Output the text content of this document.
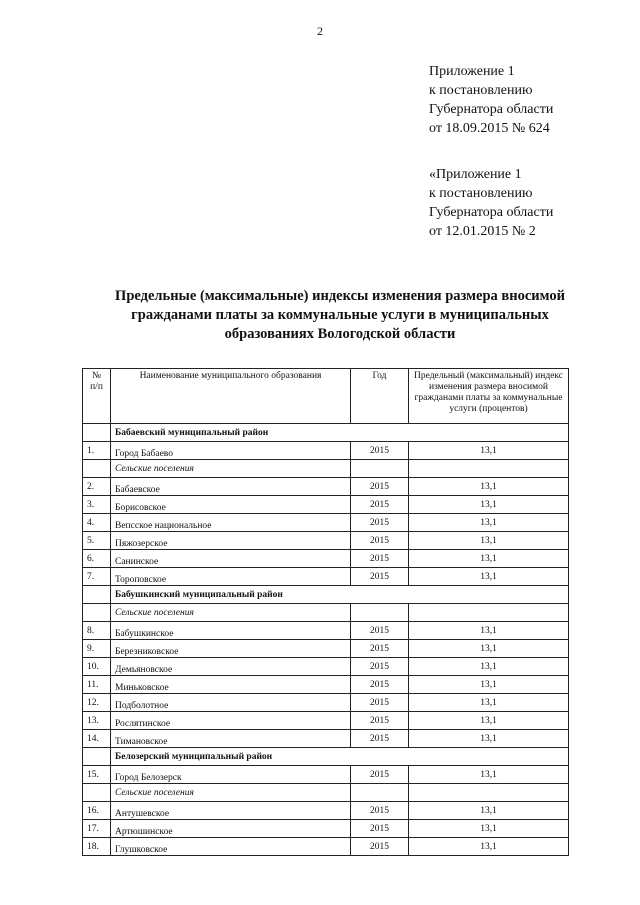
2
Приложение 1
к постановлению
Губернатора области
от 18.09.2015 № 624
«Приложение 1
к постановлению
Губернатора области
от 12.01.2015 № 2
Предельные (максимальные) индексы изменения размера вносимой
гражданами платы за коммунальные услуги в муниципальных
образованиях Вологодской области
№ п/п	Наименование муниципального образования	Год	Предельный (максимальный) индекс изменения размера вносимой гражданами платы за коммунальные услуги (процентов)
	Бабаевский муниципальный район		
1.	Город Бабаево	2015	13,1
	Сельские поселения		
2.	Бабаевское	2015	13,1
3.	Борисовское	2015	13,1
4.	Вепсское национальное	2015	13,1
5.	Пяжозерское	2015	13,1
6.	Санинское	2015	13,1
7.	Тороповское	2015	13,1
	Бабушкинский муниципальный район		
	Сельские поселения		
8.	Бабушкинское	2015	13,1
9.	Березниковское	2015	13,1
10.	Демьяновское	2015	13,1
11.	Миньковское	2015	13,1
12.	Подболотное	2015	13,1
13.	Рослятинское	2015	13,1
14.	Тимановское	2015	13,1
	Белозерский муниципальный район		
15.	Город Белозерск	2015	13,1
	Сельские поселения		
16.	Антушевское	2015	13,1
17.	Артюшинское	2015	13,1
18.	Глушковское	2015	13,1
